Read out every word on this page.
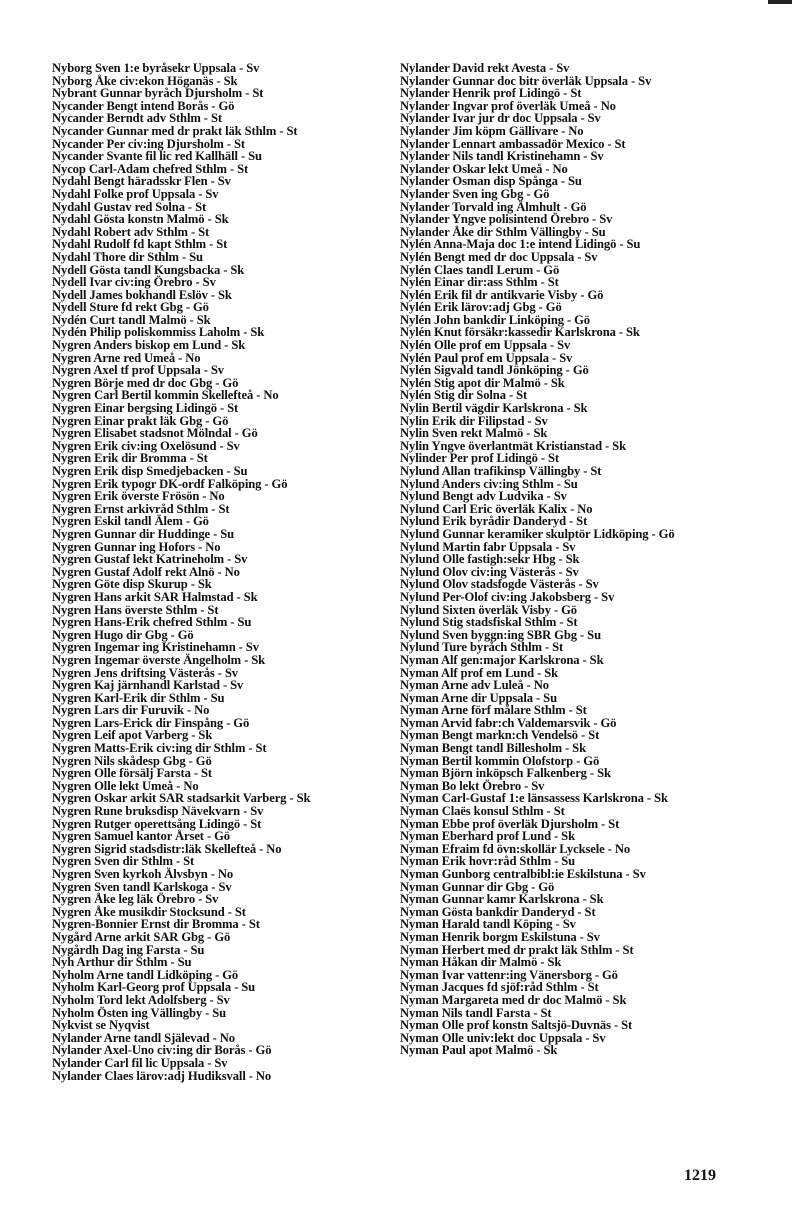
Nyborg Sven 1:e byråsekr Uppsala - Sv
Nyborg Åke civ:ekon Höganäs - Sk
Nybrant Gunnar byråch Djursholm - St
Nycander Bengt intend Borås - Gö
Nycander Berndt adv Sthlm - St
Nycander Gunnar med dr prakt läk Sthlm - St
Nycander Per civ:ing Djursholm - St
Nycander Svante fil lic red Kallhäll - Su
Nycop Carl-Adam chefred Sthlm - St
Nydahl Bengt häradsskr Flen - Sv
Nydahl Folke prof Uppsala - Sv
Nydahl Gustav red Solna - St
Nydahl Gösta konstn Malmö - Sk
Nydahl Robert adv Sthlm - St
Nydahl Rudolf fd kapt Sthlm - St
Nydahl Thore dir Sthlm - Su
Nydell Gösta tandl Kungsbacka - Sk
Nydell Ivar civ:ing Örebro - Sv
Nydell James bokhandl Eslöv - Sk
Nydell Sture fd rekt Gbg - Gö
Nydén Curt tandl Malmö - Sk
Nydén Philip poliskommiss Laholm - Sk
Nygren Anders biskop em Lund - Sk
Nygren Arne red Umeå - No
Nygren Axel tf prof Uppsala - Sv
Nygren Börje med dr doc Gbg - Gö
Nygren Carl Bertil kommin Skellefteå - No
Nygren Einar bergsing Lidingö - St
Nygren Einar prakt läk Gbg - Gö
Nygren Elisabet stadsnot Mölndal - Gö
Nygren Erik civ:ing Oxelösund - Sv
Nygren Erik dir Bromma - St
Nygren Erik disp Smedjebacken - Su
Nygren Erik typogr DK-ordf Falköping - Gö
Nygren Erik överste Frösön - No
Nygren Ernst arkivråd Sthlm - St
Nygren Eskil tandl Älem - Gö
Nygren Gunnar dir Huddinge - Su
Nygren Gunnar ing Hofors - No
Nygren Gustaf lekt Katrineholm - Sv
Nygren Gustaf Adolf rekt Alnö - No
Nygren Göte disp Skurup - Sk
Nygren Hans arkit SAR Halmstad - Sk
Nygren Hans överste Sthlm - St
Nygren Hans-Erik chefred Sthlm - Su
Nygren Hugo dir Gbg - Gö
Nygren Ingemar ing Kristinehamn - Sv
Nygren Ingemar överste Ängelholm - Sk
Nygren Jens driftsing Västerås - Sv
Nygren Kaj järnhandl Karlstad - Sv
Nygren Karl-Erik dir Sthlm - Su
Nygren Lars dir Furuvik - No
Nygren Lars-Erick dir Finspång - Gö
Nygren Leif apot Varberg - Sk
Nygren Matts-Erik civ:ing dir Sthlm - St
Nygren Nils skådesp Gbg - Gö
Nygren Olle försälj Farsta - St
Nygren Olle lekt Umeå - No
Nygren Oskar arkit SAR stadsarkit Varberg - Sk
Nygren Rune bruksdisp Nävekvarn - Sv
Nygren Rutger operettsång Lidingö - St
Nygren Samuel kantor Årset - Gö
Nygren Sigrid stadsdistr:läk Skellefteå - No
Nygren Sven dir Sthlm - St
Nygren Sven kyrkoh Älvsbyn - No
Nygren Sven tandl Karlskoga - Sv
Nygren Åke leg läk Örebro - Sv
Nygren Åke musikdir Stocksund - St
Nygren-Bonnier Ernst dir Bromma - St
Nygård Arne arkit SAR Gbg - Gö
Nygårdh Dag ing Farsta - Su
Nyh Arthur dir Sthlm - Su
Nyholm Arne tandl Lidköping - Gö
Nyholm Karl-Georg prof Uppsala - Su
Nyholm Tord lekt Adolfsberg - Sv
Nyholm Östen ing Vällingby - Su
Nykvist se Nyqvist
Nylander Arne tandl Själevad - No
Nylander Axel-Uno civ:ing dir Borås - Gö
Nylander Carl fil lic Uppsala - Sv
Nylander Claes lärov:adj Hudiksvall - No
Nylander David rekt Avesta - Sv
Nylander Gunnar doc bitr överläk Uppsala - Sv
Nylander Henrik prof Lidingö - St
Nylander Ingvar prof överläk Umeå - No
Nylander Ivar jur dr doc Uppsala - Sv
Nylander Jim köpm Gällivare - No
Nylander Lennart ambassadör Mexico - St
Nylander Nils tandl Kristinehamn - Sv
Nylander Oskar lekt Umeå - No
Nylander Osman disp Spånga - Su
Nylander Sven ing Gbg - Gö
Nylander Torvald ing Älmhult - Gö
Nylander Yngve polisintend Örebro - Sv
Nylander Åke dir Sthlm Vällingby - Su
Nylén Anna-Maja doc 1:e intend Lidingö - Su
Nylén Bengt med dr doc Uppsala - Sv
Nylén Claes tandl Lerum - Gö
Nylén Einar dir:ass Sthlm - St
Nylén Erik fil dr antikvarie Visby - Gö
Nylén Erik lärov:adj Gbg - Gö
Nylén John bankdir Linköping - Gö
Nylén Knut försäkr:kassedir Karlskrona - Sk
Nylén Olle prof em Uppsala - Sv
Nylén Paul prof em Uppsala - Sv
Nylén Sigvald tandl Jönköping - Gö
Nylén Stig apot dir Malmö - Sk
Nylén Stig dir Solna - St
Nylin Bertil vägdir Karlskrona - Sk
Nylin Erik dir Filipstad - Sv
Nylin Sven rekt Malmö - Sk
Nylin Yngve överlantmät Kristianstad - Sk
Nylinder Per prof Lidingö - St
Nylund Allan trafikinsp Vällingby - St
Nylund Anders civ:ing Sthlm - Su
Nylund Bengt adv Ludvika - Sv
Nylund Carl Eric överläk Kalix - No
Nylund Erik byrådir Danderyd - St
Nylund Gunnar keramiker skulptör Lidköping - Gö
Nylund Martin fabr Uppsala - Sv
Nylund Olle fastigh:sekr Hbg - Sk
Nylund Olov civ:ing Västerås - Sv
Nylund Olov stadsfogde Västerås - Sv
Nylund Per-Olof civ:ing Jakobsberg - Sv
Nylund Sixten överläk Visby - Gö
Nylund Stig stadsfiskal Sthlm - St
Nylund Sven byggn:ing SBR Gbg - Su
Nylund Ture byråch Sthlm - St
Nyman Alf gen:major Karlskrona - Sk
Nyman Alf prof em Lund - Sk
Nyman Arne adv Luleå - No
Nyman Arne dir Uppsala - Su
Nyman Arne förf målare Sthlm - St
Nyman Arvid fabr:ch Valdemarsvik - Gö
Nyman Bengt markn:ch Vendelsö - St
Nyman Bengt tandl Billesholm - Sk
Nyman Bertil kommin Olofstorp - Gö
Nyman Björn inköpsch Falkenberg - Sk
Nyman Bo lekt Örebro - Sv
Nyman Carl-Gustaf 1:e länsassess Karlskrona - Sk
Nyman Claës konsul Sthlm - St
Nyman Ebbe prof överläk Djursholm - St
Nyman Eberhard prof Lund - Sk
Nyman Efraim fd övn:skollär Lycksele - No
Nyman Erik hovr:råd Sthlm - Su
Nyman Gunborg centralbibl:ie Eskilstuna - Sv
Nyman Gunnar dir Gbg - Gö
Nyman Gunnar kamr Karlskrona - Sk
Nyman Gösta bankdir Danderyd - St
Nyman Harald tandl Köping - Sv
Nyman Henrik borgm Eskilstuna - Sv
Nyman Herbert med dr prakt läk Sthlm - St
Nyman Håkan dir Malmö - Sk
Nyman Ivar vattenr:ing Vänersborg - Gö
Nyman Jacques fd sjöf:råd Sthlm - St
Nyman Margareta med dr doc Malmö - Sk
Nyman Nils tandl Farsta - St
Nyman Olle prof konstn Saltsjö-Duvnäs - St
Nyman Olle univ:lekt doc Uppsala - Sv
Nyman Paul apot Malmö - Sk
1219
